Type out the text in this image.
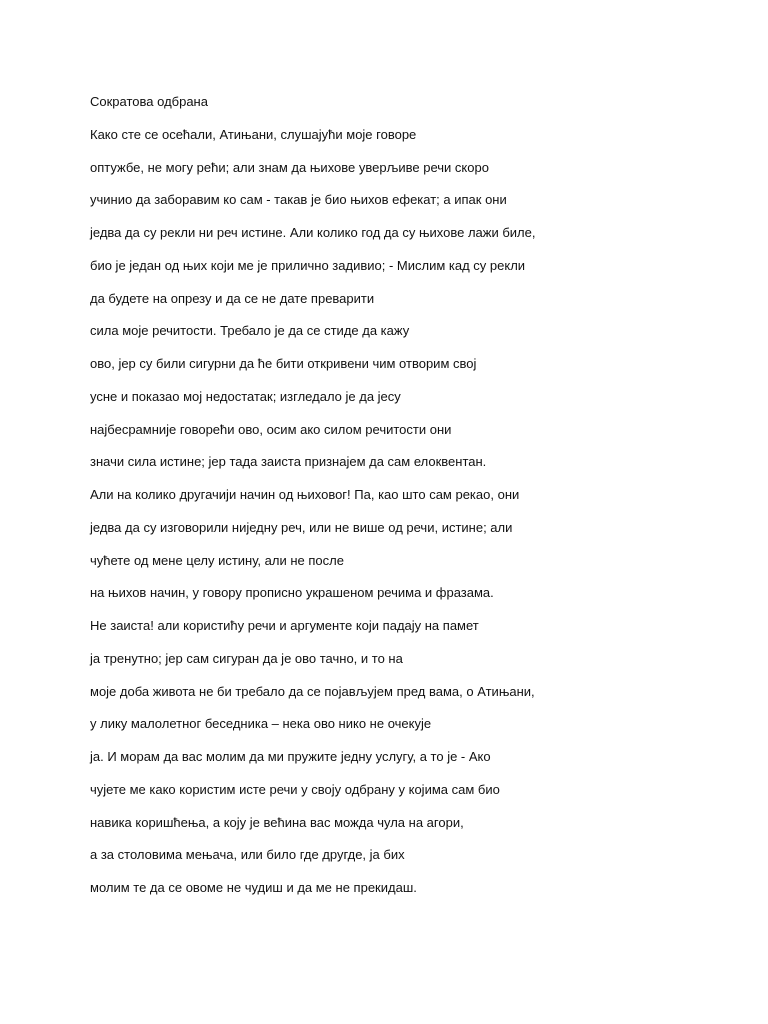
Сократова одбрана
Како сте се осећали, Атињани, слушајући моје говоре
оптужбе, не могу рећи; али знам да њихове уверљиве речи скоро
учинио да заборавим ко сам - такав је био њихов ефекат; а ипак они
једва да су рекли ни реч истине. Али колико год да су њихове лажи биле,
био је један од њих који ме је прилично задивио; - Мислим кад су рекли
да будете на опрезу и да се не дате преварити
сила моје речитости. Требало је да се стиде да кажу
ово, јер су били сигурни да ће бити откривени чим отворим свој
усне и показао мој недостатак; изгледало је да јесу
најбесрамније говорећи ово, осим ако силом речитости они
значи сила истине; јер тада заиста признајем да сам елоквентан.
Али на колико другачији начин од њиховог! Па, као што сам рекао, они
једва да су изговорили ниједну реч, или не више од речи, истине; али
чућете од мене целу истину, али не после
на њихов начин, у говору прописно украшеном речима и фразама.
Не заиста! али користићу речи и аргументе који падају на памет
ја тренутно; јер сам сигуран да је ово тачно, и то на
моје доба живота не би требало да се појављујем пред вама, о Атињани,
у лику малолетног беседника – нека ово нико не очекује
ја. И морам да вас молим да ми пружите једну услугу, а то је - Ако
чујете ме како користим исте речи у своју одбрану у којима сам био
навика коришћења, а коју је већина вас можда чула на агори,
а за столовима мењача, или било где другде, ја бих
молим те да се овоме не чудиш и да ме не прекидаш.
